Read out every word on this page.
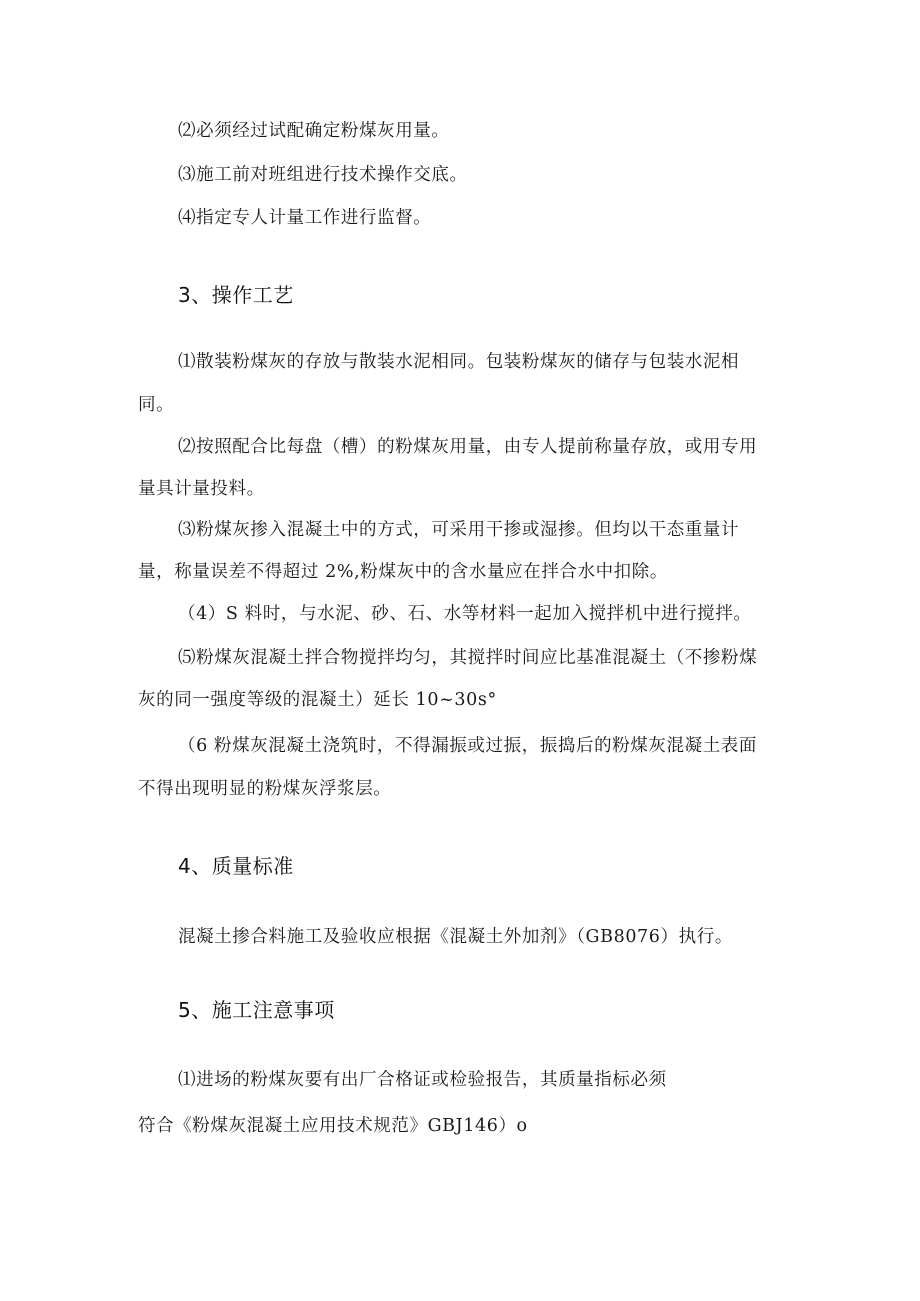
⑵必须经过试配确定粉煤灰用量。
⑶施工前对班组进行技术操作交底。
⑷指定专人计量工作进行监督。
3、操作工艺
⑴散装粉煤灰的存放与散装水泥相同。包装粉煤灰的储存与包装水泥相
同。
⑵按照配合比每盘（槽）的粉煤灰用量，由专人提前称量存放，或用专用
量具计量投料。
⑶粉煤灰掺入混凝土中的方式，可采用干掺或湿掺。但均以干态重量计
量，称量误差不得超过 2%,粉煤灰中的含水量应在拌合水中扣除。
（4）S 料时，与水泥、砂、石、水等材料一起加入搅拌机中进行搅拌。
⑸粉煤灰混凝土拌合物搅拌均匀，其搅拌时间应比基准混凝土（不掺粉煤
灰的同一强度等级的混凝土）延长 10~30s°
（6 粉煤灰混凝土浇筑时，不得漏振或过振，振捣后的粉煤灰混凝土表面
不得出现明显的粉煤灰浮浆层。
4、质量标准
混凝土掺合料施工及验收应根据《混凝土外加剂》（GB8076）执行。
5、施工注意事项
⑴进场的粉煤灰要有出厂合格证或检验报告，其质量指标必须
符合《粉煤灰混凝土应用技术规范》GBJ146）o
